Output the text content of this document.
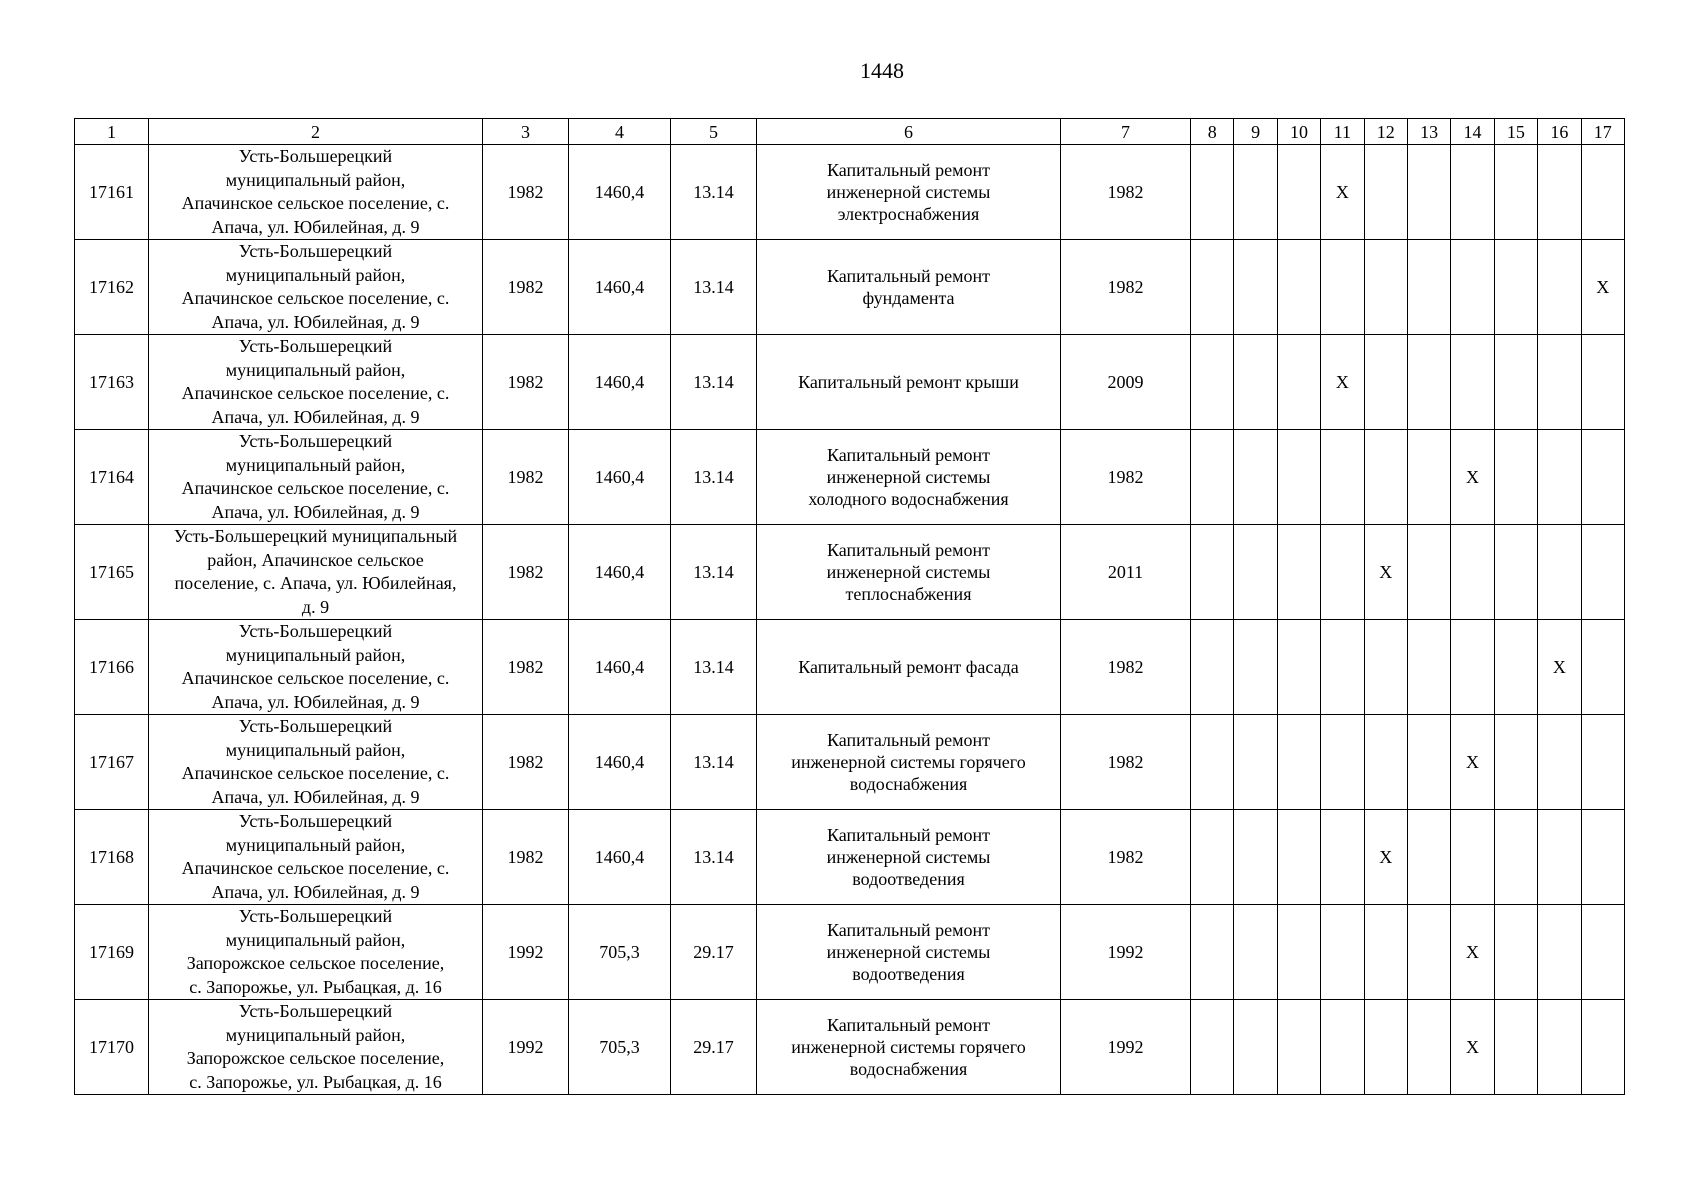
1448
1	2	3	4	5	6	7	8	9	10	11	12	13	14	15	16	17
17161	Усть-Большерецкий
муниципальный район,
Апачинское сельское поселение, с.
Апача, ул. Юбилейная, д. 9	1982	1460,4	13.14	Капитальный ремонт
инженерной системы
электроснабжения	1982				X						
17162	Усть-Большерецкий
муниципальный район,
Апачинское сельское поселение, с.
Апача, ул. Юбилейная, д. 9	1982	1460,4	13.14	Капитальный ремонт
фундамента	1982										X
17163	Усть-Большерецкий
муниципальный район,
Апачинское сельское поселение, с.
Апача, ул. Юбилейная, д. 9	1982	1460,4	13.14	Капитальный ремонт крыши	2009				X						
17164	Усть-Большерецкий
муниципальный район,
Апачинское сельское поселение, с.
Апача, ул. Юбилейная, д. 9	1982	1460,4	13.14	Капитальный ремонт
инженерной системы
холодного водоснабжения	1982							X			
17165	Усть-Большерецкий муниципальный
район, Апачинское сельское
поселение, с. Апача, ул. Юбилейная,
д. 9	1982	1460,4	13.14	Капитальный ремонт
инженерной системы
теплоснабжения	2011					X					
17166	Усть-Большерецкий
муниципальный район,
Апачинское сельское поселение, с.
Апача, ул. Юбилейная, д. 9	1982	1460,4	13.14	Капитальный ремонт фасада	1982									X	
17167	Усть-Большерецкий
муниципальный район,
Апачинское сельское поселение, с.
Апача, ул. Юбилейная, д. 9	1982	1460,4	13.14	Капитальный ремонт
инженерной системы горячего
водоснабжения	1982							X			
17168	Усть-Большерецкий
муниципальный район,
Апачинское сельское поселение, с.
Апача, ул. Юбилейная, д. 9	1982	1460,4	13.14	Капитальный ремонт
инженерной системы
водоотведения	1982					X					
17169	Усть-Большерецкий
муниципальный район,
Запорожское сельское поселение,
с. Запорожье, ул. Рыбацкая, д. 16	1992	705,3	29.17	Капитальный ремонт
инженерной системы
водоотведения	1992							X			
17170	Усть-Большерецкий
муниципальный район,
Запорожское сельское поселение,
с. Запорожье, ул. Рыбацкая, д. 16	1992	705,3	29.17	Капитальный ремонт
инженерной системы горячего
водоснабжения	1992							X			
